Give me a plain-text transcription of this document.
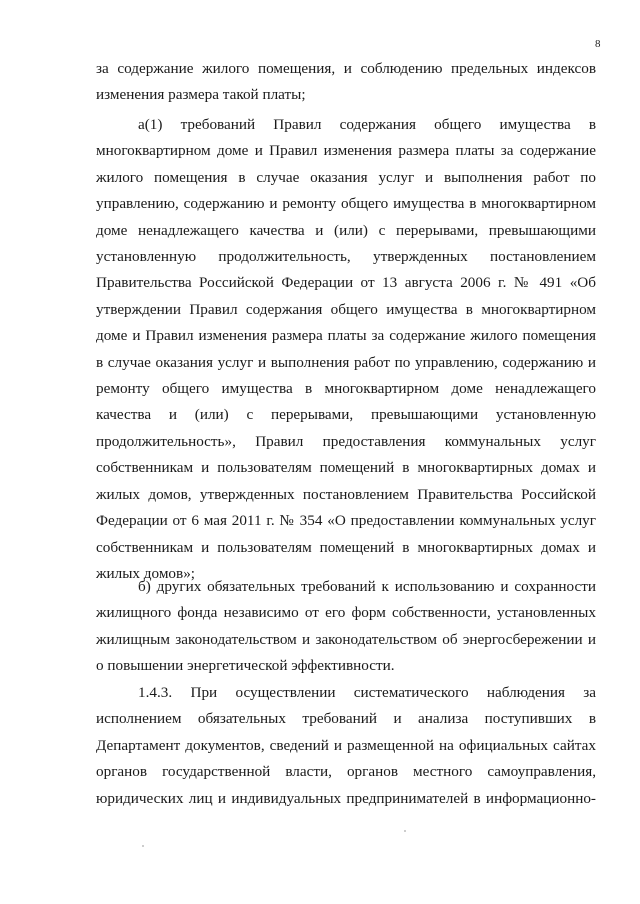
8

за содержание жилого помещения, и соблюдению предельных индексов изменения размера такой платы;

а(1) требований Правил содержания общего имущества в многоквартирном доме и Правил изменения размера платы за содержание жилого помещения в случае оказания услуг и выполнения работ по управлению, содержанию и ремонту общего имущества в многоквартирном доме ненадлежащего качества и (или) с перерывами, превышающими установленную продолжительность, утвержденных постановлением Правительства Российской Федерации от 13 августа 2006 г. № 491 «Об утверждении Правил содержания общего имущества в многоквартирном доме и Правил изменения размера платы за содержание жилого помещения в случае оказания услуг и выполнения работ по управлению, содержанию и ремонту общего имущества в многоквартирном доме ненадлежащего качества и (или) с перерывами, превышающими установленную продолжительность», Правил предоставления коммунальных услуг собственникам и пользователям помещений в многоквартирных домах и жилых домов, утвержденных постановлением Правительства Российской Федерации от 6 мая 2011 г. № 354 «О предоставлении коммунальных услуг собственникам и пользователям помещений в многоквартирных домах и жилых домов»;

б) других обязательных требований к использованию и сохранности жилищного фонда независимо от его форм собственности, установленных жилищным законодательством и законодательством об энергосбережении и о повышении энергетической эффективности.

1.4.3. При осуществлении систематического наблюдения за исполнением обязательных требований и анализа поступивших в Департамент документов, сведений и размещенной на официальных сайтах органов государственной власти, органов местного самоуправления, юридических лиц и индивидуальных предпринимателей в информационно-
